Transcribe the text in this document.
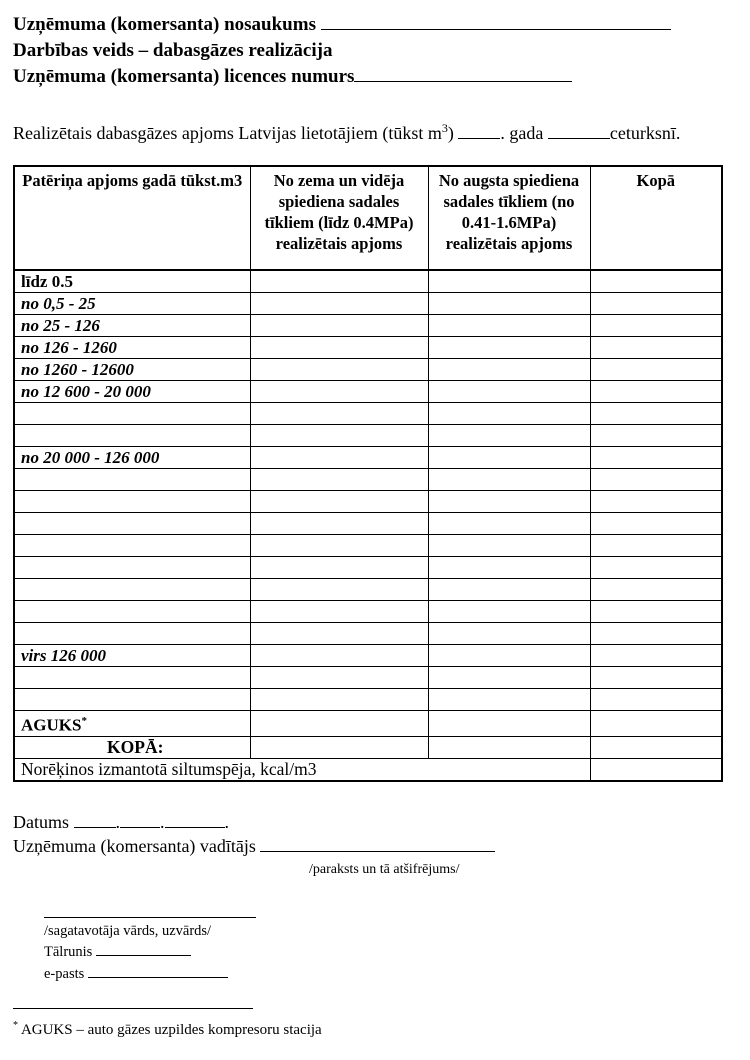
Uzņēmuma (komersanta) nosaukums
Darbības veids – dabasgāzes realizācija
Uzņēmuma (komersanta) licences numurs
Realizētais dabasgāzes apjoms Latvijas lietotājiem (tūkst $m^3$)	. gada	ceturksnī.
Patēriņa apjoms gadā tūkst.m3	No zema un vidēja spiediena sadales tīkliem (līdz 0.4MPa) realizētais apjoms	No augsta spiediena sadales tīkliem (no 0.41-1.6MPa) realizētais apjoms	Kopā
līdz 0.5			
no 0,5 - 25			
no 25 - 126			
no 126 - 1260			
no 1260 - 12600			
no 12 600 - 20 000			

no 20 000 - 126 000			

virs 126 000			

AGUKS*			
KOPĀ:			
Norēķinos izmantotā siltumspēja, kcal/m3			
Datums	. .	.
Uzņēmuma (komersanta) vadītājs
/paraksts un tā atšifrējums/
/sagatavotāja vārds, uzvārds/
Tālrunis
e-pasts
* AGUKS – auto gāzes uzpildes kompresoru stacija
